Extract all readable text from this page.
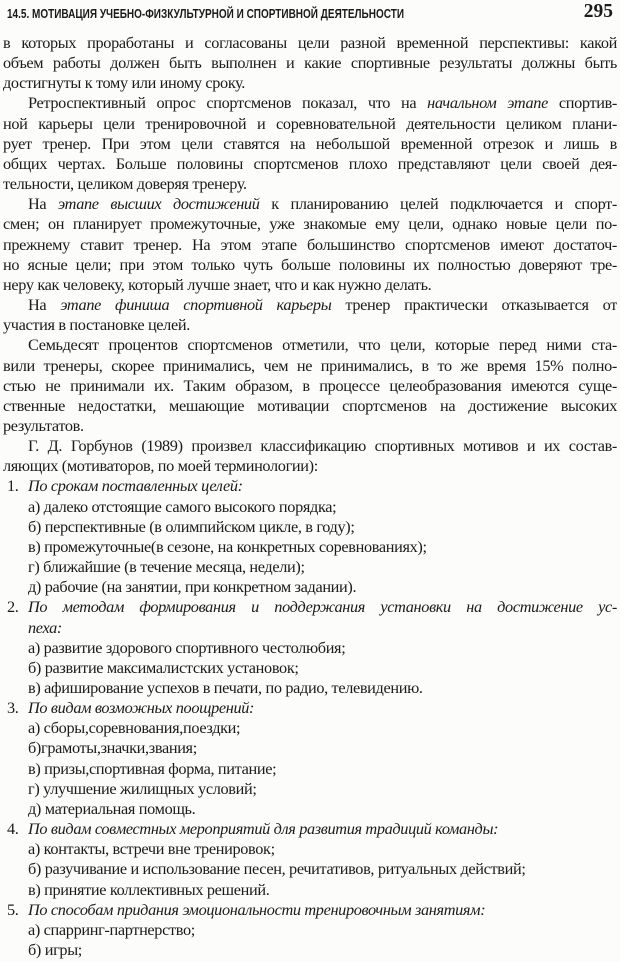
14.5. МОТИВАЦИЯ УЧЕБНО-ФИЗКУЛЬТУРНОЙ И СПОРТИВНОЙ ДЕЯТЕЛЬНОСТИ	295
в которых проработаны и согласованы цели разной временной перспективы: какой
объем работы должен быть выполнен и какие спортивные результаты должны быть
достигнуты к тому или иному сроку.
Ретроспективный опрос спортсменов показал, что на начальном этапе спортив-
ной карьеры цели тренировочной и соревновательной деятельности целиком плани-
рует тренер. При этом цели ставятся на небольшой временной отрезок и лишь в
общих чертах. Больше половины спортсменов плохо представляют цели своей дея-
тельности, целиком доверяя тренеру.
На этапе высших достижений к планированию целей подключается и спорт-
смен; он планирует промежуточные, уже знакомые ему цели, однако новые цели по-
прежнему ставит тренер. На этом этапе большинство спортсменов имеют достаточ-
но ясные цели; при этом только чуть больше половины их полностью доверяют тре-
неру как человеку, который лучше знает, что и как нужно делать.
На этапе финиша спортивной карьеры тренер практически отказывается от
участия в постановке целей.
Семьдесят процентов спортсменов отметили, что цели, которые перед ними ста-
вили тренеры, скорее принимались, чем не принимались, в то же время 15% полно-
стью не принимали их. Таким образом, в процессе целеобразования имеются суще-
ственные недостатки, мешающие мотивации спортсменов на достижение высоких
результатов.
Г. Д. Горбунов (1989) произвел классификацию спортивных мотивов и их состав-
ляющих (мотиваторов, по моей терминологии):
1. По срокам поставленных целей:
а) далеко отстоящие самого высокого порядка;
б) перспективные (в олимпийском цикле, в году);
в) промежуточные(в сезоне, на конкретных соревнованиях);
г) ближайшие (в течение месяца, недели);
д) рабочие (на занятии, при конкретном задании).
2. По методам формирования и поддержания установки на достижение ус-
пеха:
а) развитие здорового спортивного честолюбия;
б) развитие максималистских установок;
в) афиширование успехов в печати, по радио, телевидению.
3. По видам возможных поощрений:
а) сборы,соревнования,поездки;
б)грамоты,значки,звания;
в) призы,спортивная форма, питание;
г) улучшение жилищных условий;
д) материальная помощь.
4. По видам совместных мероприятий для развития традиций команды:
а) контакты, встречи вне тренировок;
б) разучивание и использование песен, речитативов, ритуальных действий;
в) принятие коллективных решений.
5. По способам придания эмоциональности тренировочным занятиям:
а) спарринг-партнерство;
б) игры;
